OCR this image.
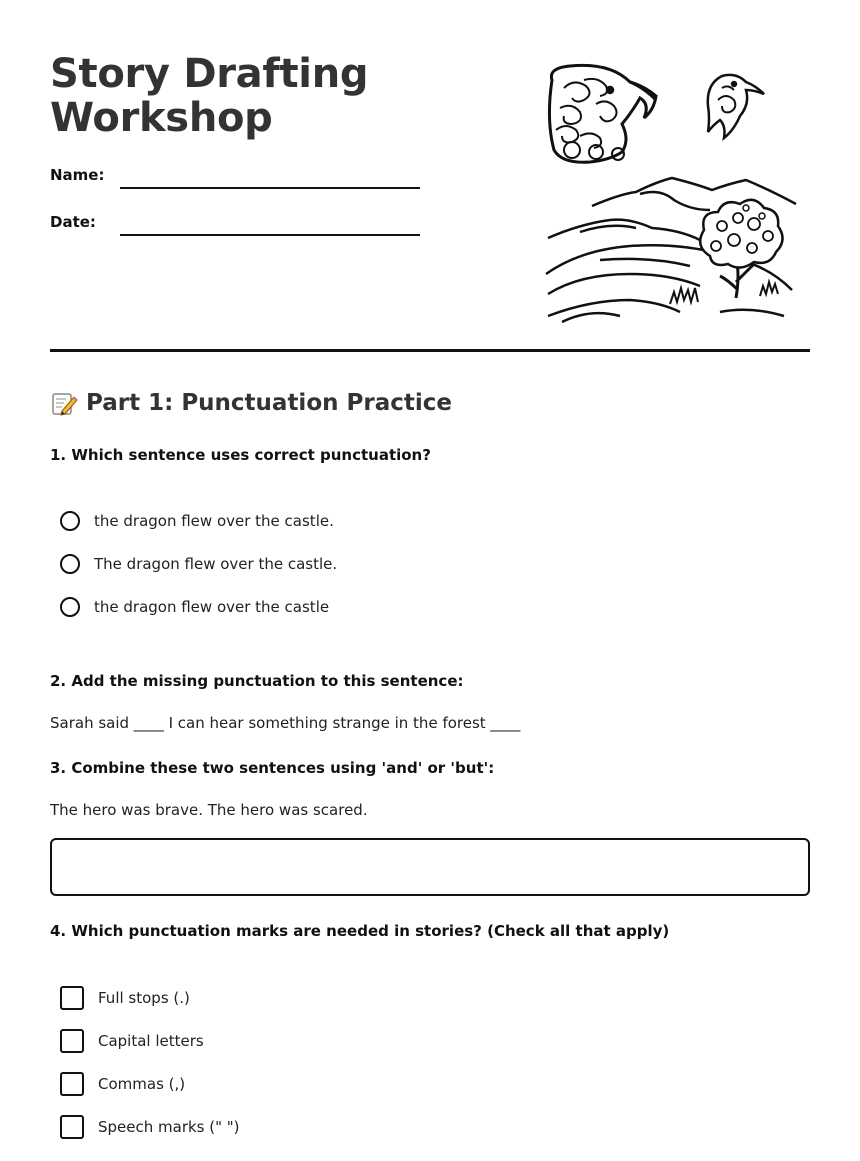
Story Drafting Workshop
Name:
Date:
Part 1: Punctuation Practice
1. Which sentence uses correct punctuation?
the dragon flew over the castle.
The dragon flew over the castle.
the dragon flew over the castle
2. Add the missing punctuation to this sentence:
Sarah said ____ I can hear something strange in the forest ____
3. Combine these two sentences using 'and' or 'but':
The hero was brave. The hero was scared.
4. Which punctuation marks are needed in stories? (Check all that apply)
Full stops (.)
Capital letters
Commas (,)
Speech marks (" ")
